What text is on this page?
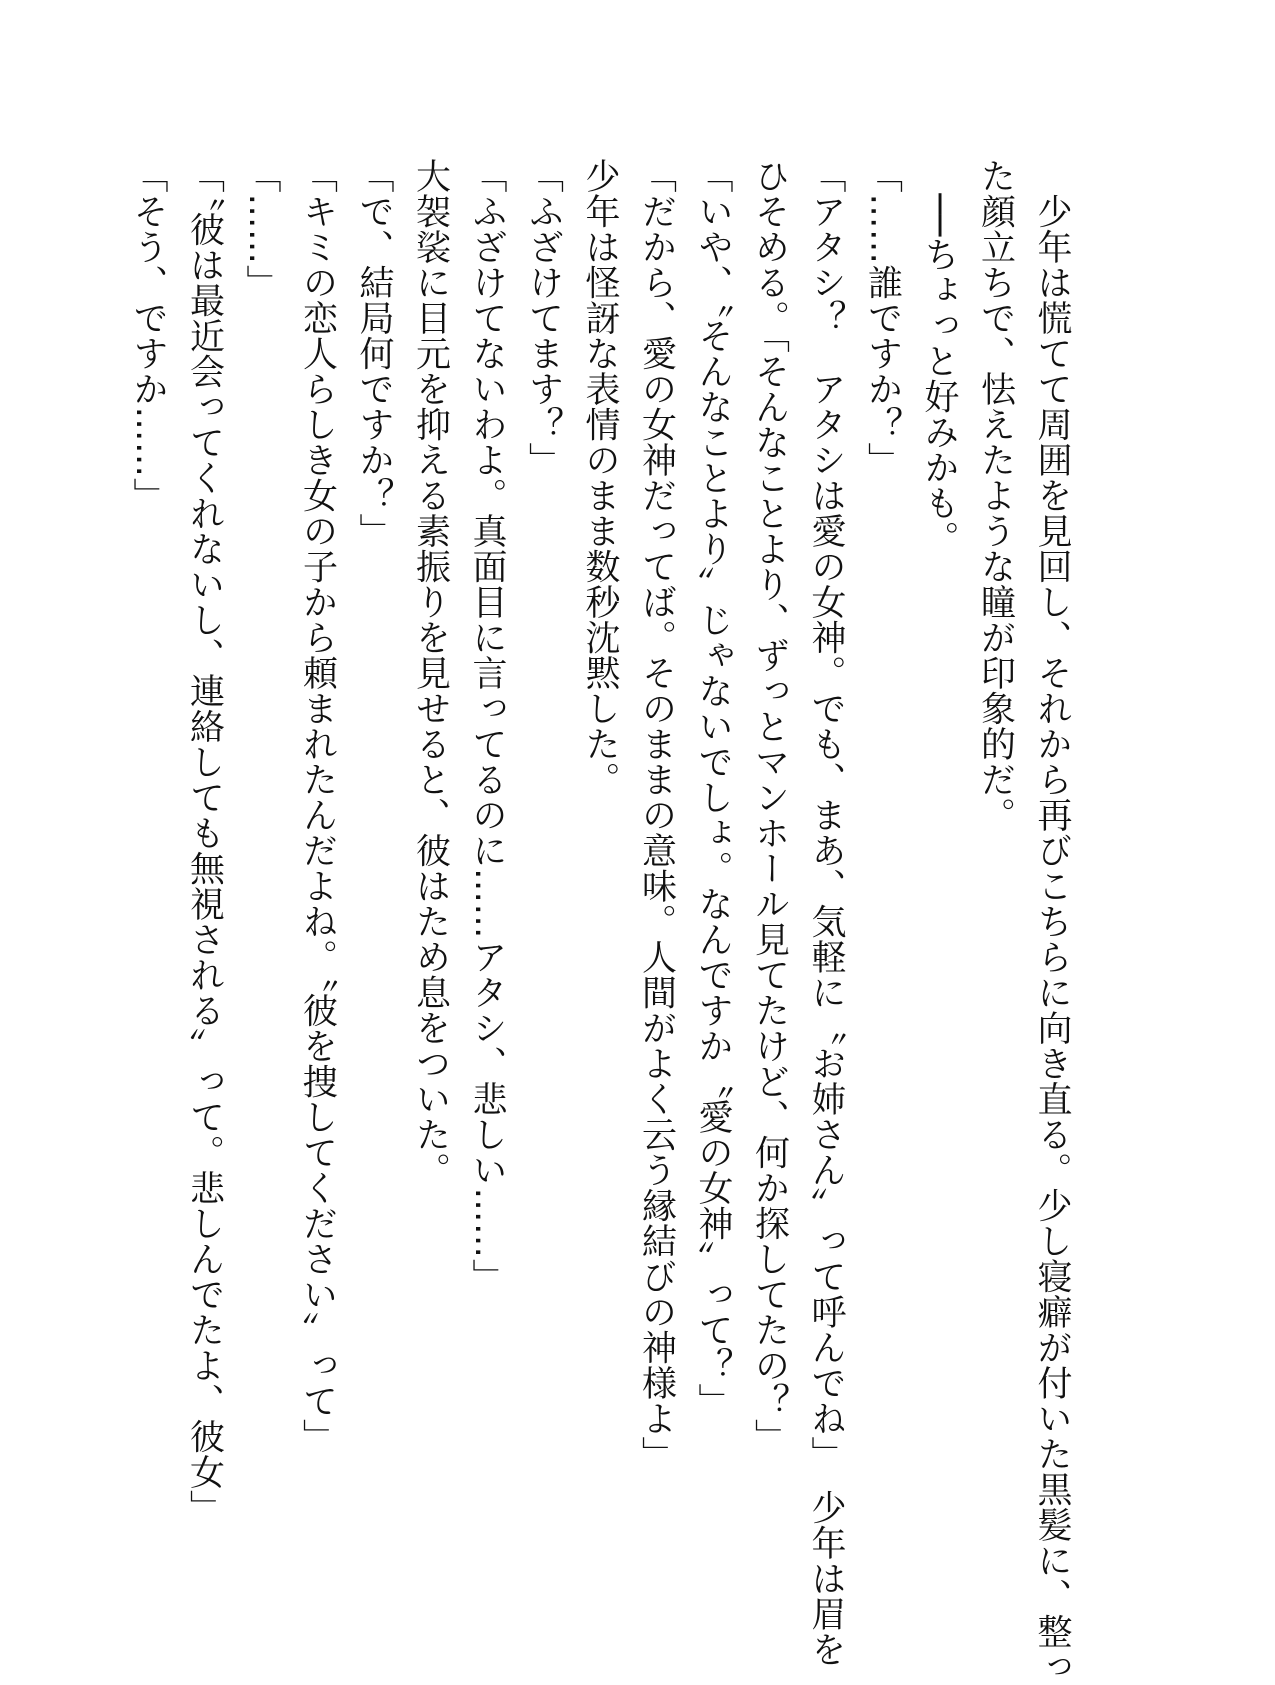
　少年は慌てて周囲を見回し、それから再びこちらに向き直る。少し寝癖が付いた黒髪に、整っ
た顔立ちで、怯えたような瞳が印象的だ。
　──ちょっと好みかも。
「……誰ですか？」
「アタシ？　アタシは愛の女神。でも、まあ、気軽に〝お姉さん〟って呼んでね」　少年は眉を
ひそめる。「そんなことより、ずっとマンホール見てたけど、何か探してたの？」
「いや、〝そんなことより〟じゃないでしょ。なんですか〝愛の女神〟って？」
「だから、愛の女神だってば。そのままの意味。人間がよく云う縁結びの神様よ」
少年は怪訝な表情のまま数秒沈黙した。
「ふざけてます？」
「ふざけてないわよ。真面目に言ってるのに……アタシ、悲しい……」
大袈裟に目元を抑える素振りを見せると、彼はため息をついた。
「で、結局何ですか？」
「キミの恋人らしき女の子から頼まれたんだよね。〝彼を捜してください〟って」
「……」
「〝彼は最近会ってくれないし、連絡しても無視される〟って。悲しんでたよ、彼女」
「そう、ですか……」
